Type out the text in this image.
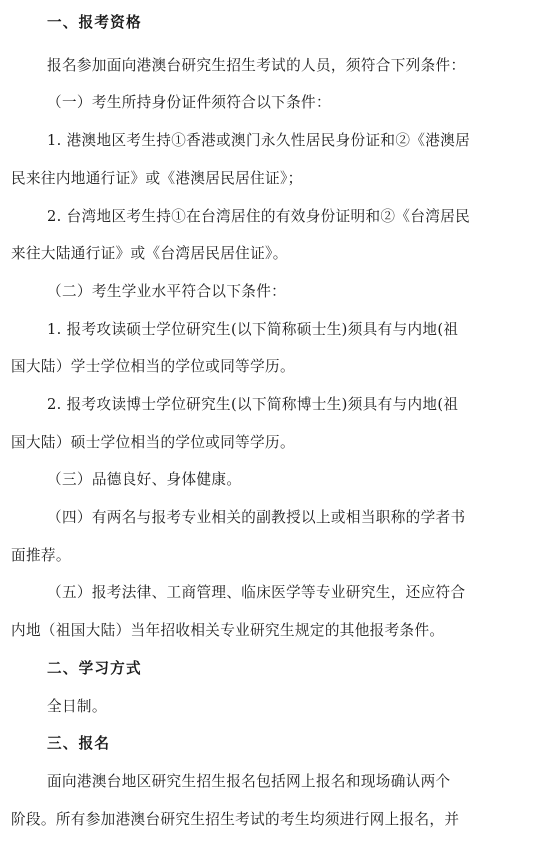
一、报考资格
报名参加面向港澳台研究生招生考试的人员，须符合下列条件：
（一）考生所持身份证件须符合以下条件：
1. 港澳地区考生持①香港或澳门永久性居民身份证和②《港澳居
民来往内地通行证》或《港澳居民居住证》；
2. 台湾地区考生持①在台湾居住的有效身份证明和②《台湾居民
来往大陆通行证》或《台湾居民居住证》。
（二）考生学业水平符合以下条件：
1. 报考攻读硕士学位研究生(以下简称硕士生)须具有与内地(祖
国大陆）学士学位相当的学位或同等学历。
2. 报考攻读博士学位研究生(以下简称博士生)须具有与内地(祖
国大陆）硕士学位相当的学位或同等学历。
（三）品德良好、身体健康。
（四）有两名与报考专业相关的副教授以上或相当职称的学者书
面推荐。
（五）报考法律、工商管理、临床医学等专业研究生，还应符合
内地（祖国大陆）当年招收相关专业研究生规定的其他报考条件。
二、学习方式
全日制。
三、报名
面向港澳台地区研究生招生报名包括网上报名和现场确认两个
阶段。所有参加港澳台研究生招生考试的考生均须进行网上报名，并
